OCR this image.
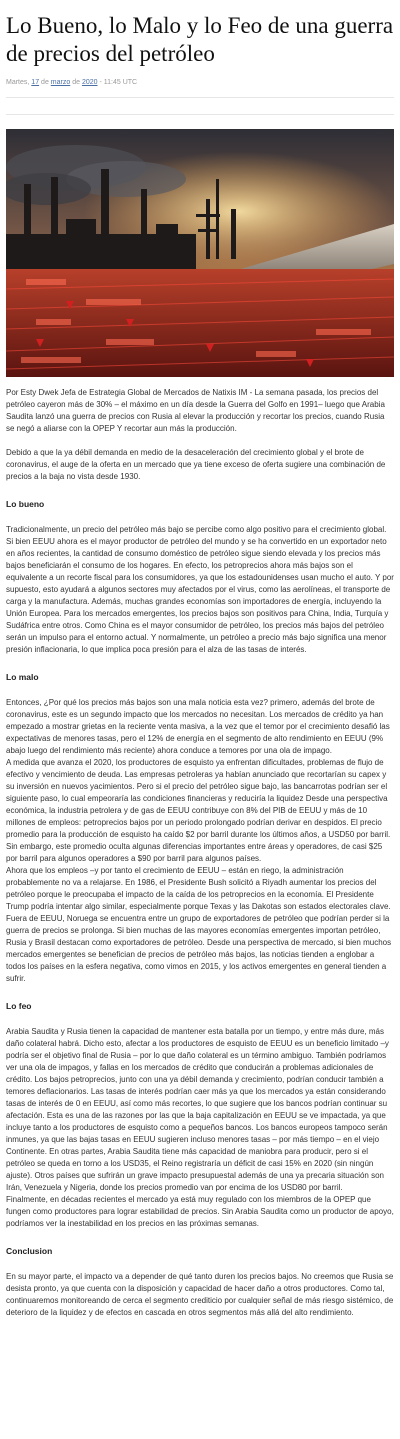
Lo Bueno, lo Malo y lo Feo de una guerra de precios del petróleo
Martes, 17 de marzo de 2020 - 11:45 UTC

Por Esty Dwek Jefa de Estrategia Global de Mercados de Natixis IM - La semana pasada, los precios del petróleo cayeron más de 30% – el máximo en un día desde la Guerra del Golfo en 1991– luego que Arabia Saudita lanzó una guerra de precios con Rusia al elevar la producción y recortar los precios, cuando Rusia se negó a aliarse con la OPEP Y recortar aun más la producción.

Debido a que la ya débil demanda en medio de la desaceleración del crecimiento global y el brote de coronavirus, el auge de la oferta en un mercado que ya tiene exceso de oferta sugiere una combinación de precios a la baja no vista desde 1930.

Lo bueno

Tradicionalmente, un precio del petróleo más bajo se percibe como algo positivo para el crecimiento global. Si bien EEUU ahora es el mayor productor de petróleo del mundo y se ha convertido en un exportador neto en años recientes, la cantidad de consumo doméstico de petróleo sigue siendo elevada y los precios más bajos beneficiarán el consumo de los hogares. En efecto, los petroprecios ahora más bajos son el equivalente a un recorte fiscal para los consumidores, ya que los estadounidenses usan mucho el auto. Y por supuesto, esto ayudará a algunos sectores muy afectados por el virus, como las aerolíneas, el transporte de carga y la manufactura. Además, muchas grandes economías son importadores de energía, incluyendo la Unión Europea. Para los mercados emergentes, los precios bajos son positivos para China, India, Turquía y Sudáfrica entre otros. Como China es el mayor consumidor de petróleo, los precios más bajos del petróleo serán un impulso para el entorno actual. Y normalmente, un petróleo a precio más bajo significa una menor presión inflacionaria, lo que implica poca presión para el alza de las tasas de interés.

Lo malo

Entonces, ¿Por qué los precios más bajos son una mala noticia esta vez? primero, además del brote de coronavirus, este es un segundo impacto que los mercados no necesitan. Los mercados de crédito ya han empezado a mostrar grietas en la reciente venta masiva, a la vez que el temor por el crecimiento desafió las expectativas de menores tasas, pero el 12% de energía en el segmento de alto rendimiento en EEUU (9% abajo luego del rendimiento más reciente) ahora conduce a temores por una ola de impago.

A medida que avanza el 2020, los productores de esquisto ya enfrentan dificultades, problemas de flujo de efectivo y vencimiento de deuda. Las empresas petroleras ya habían anunciado que recortarían su capex y su inversión en nuevos yacimientos. Pero si el precio del petróleo sigue bajo, las bancarrotas podrían ser el siguiente paso, lo cual empeoraría las condiciones financieras y reduciría la liquidez Desde una perspectiva económica, la industria petrolera y de gas de EEUU contribuye con 8% del PIB de EEUU y más de 10 millones de empleos: petroprecios bajos por un periodo prolongado podrían derivar en despidos. El precio promedio para la producción de esquisto ha caído $2 por barril durante los últimos años, a USD50 por barril. Sin embargo, este promedio oculta algunas diferencias importantes entre áreas y operadores, de casi $25 por barril para algunos operadores a $90 por barril para algunos países.

Ahora que los empleos –y por tanto el crecimiento de EEUU – están en riego, la administración probablemente no va a relajarse. En 1986, el Presidente Bush solicitó a Riyadh aumentar los precios del petróleo porque le preocupaba el impacto de la caída de los petroprecios en la economía. El Presidente Trump podría intentar algo similar, especialmente porque Texas y las Dakotas son estados electorales clave.

Fuera de EEUU, Noruega se encuentra entre un grupo de exportadores de petróleo que podrían perder si la guerra de precios se prolonga. Si bien muchas de las mayores economías emergentes importan petróleo, Rusia y Brasil destacan como exportadores de petróleo. Desde una perspectiva de mercado, si bien muchos mercados emergentes se benefician de precios de petróleo más bajos, las noticias tienden a englobar a todos los países en la esfera negativa, como vimos en 2015, y los activos emergentes en general tienden a sufrir.

Lo feo

Arabia Saudita y Rusia tienen la capacidad de mantener esta batalla por un tiempo, y entre más dure, más daño colateral habrá. Dicho esto, afectar a los productores de esquisto de EEUU es un beneficio limitado –y podría ser el objetivo final de Rusia – por lo que daño colateral es un término ambiguo. También podríamos ver una ola de impagos, y fallas en los mercados de crédito que conducirán a problemas adicionales de crédito. Los bajos petroprecios, junto con una ya débil demanda y crecimiento, podrían conducir también a temores deflacionarios. Las tasas de interés podrían caer más ya que los mercados ya están considerando tasas de interés de 0 en EEUU, así como más recortes, lo que sugiere que los bancos podrían continuar su afectación. Esta es una de las razones por las que la baja capitalización en EEUU se ve impactada, ya que incluye tanto a los productores de esquisto como a pequeños bancos. Los bancos europeos tampoco serán inmunes, ya que las bajas tasas en EEUU sugieren incluso menores tasas – por más tiempo – en el viejo Continente. En otras partes, Arabia Saudita tiene más capacidad de maniobra para producir, pero si el petróleo se queda en torno a los USD35, el Reino registraría un déficit de casi 15% en 2020 (sin ningún ajuste). Otros países que sufrirán un grave impacto presupuestal además de una ya precaria situación son Irán, Venezuela y Nigeria, donde los precios promedio van por encima de los USD80 por barril.

Finalmente, en décadas recientes el mercado ya está muy regulado con los miembros de la OPEP que fungen como productores para lograr estabilidad de precios. Sin Arabia Saudita como un productor de apoyo, podríamos ver la inestabilidad en los precios en las próximas semanas.

Conclusion

En su mayor parte, el impacto va a depender de qué tanto duren los precios bajos. No creemos que Rusia se desista pronto, ya que cuenta con la disposición y capacidad de hacer daño a otros productores. Como tal, continuaremos monitoreando de cerca el segmento crediticio por cualquier señal de más riesgo sistémico, de deterioro de la liquidez y de efectos en cascada en otros segmentos más allá del alto rendimiento.
